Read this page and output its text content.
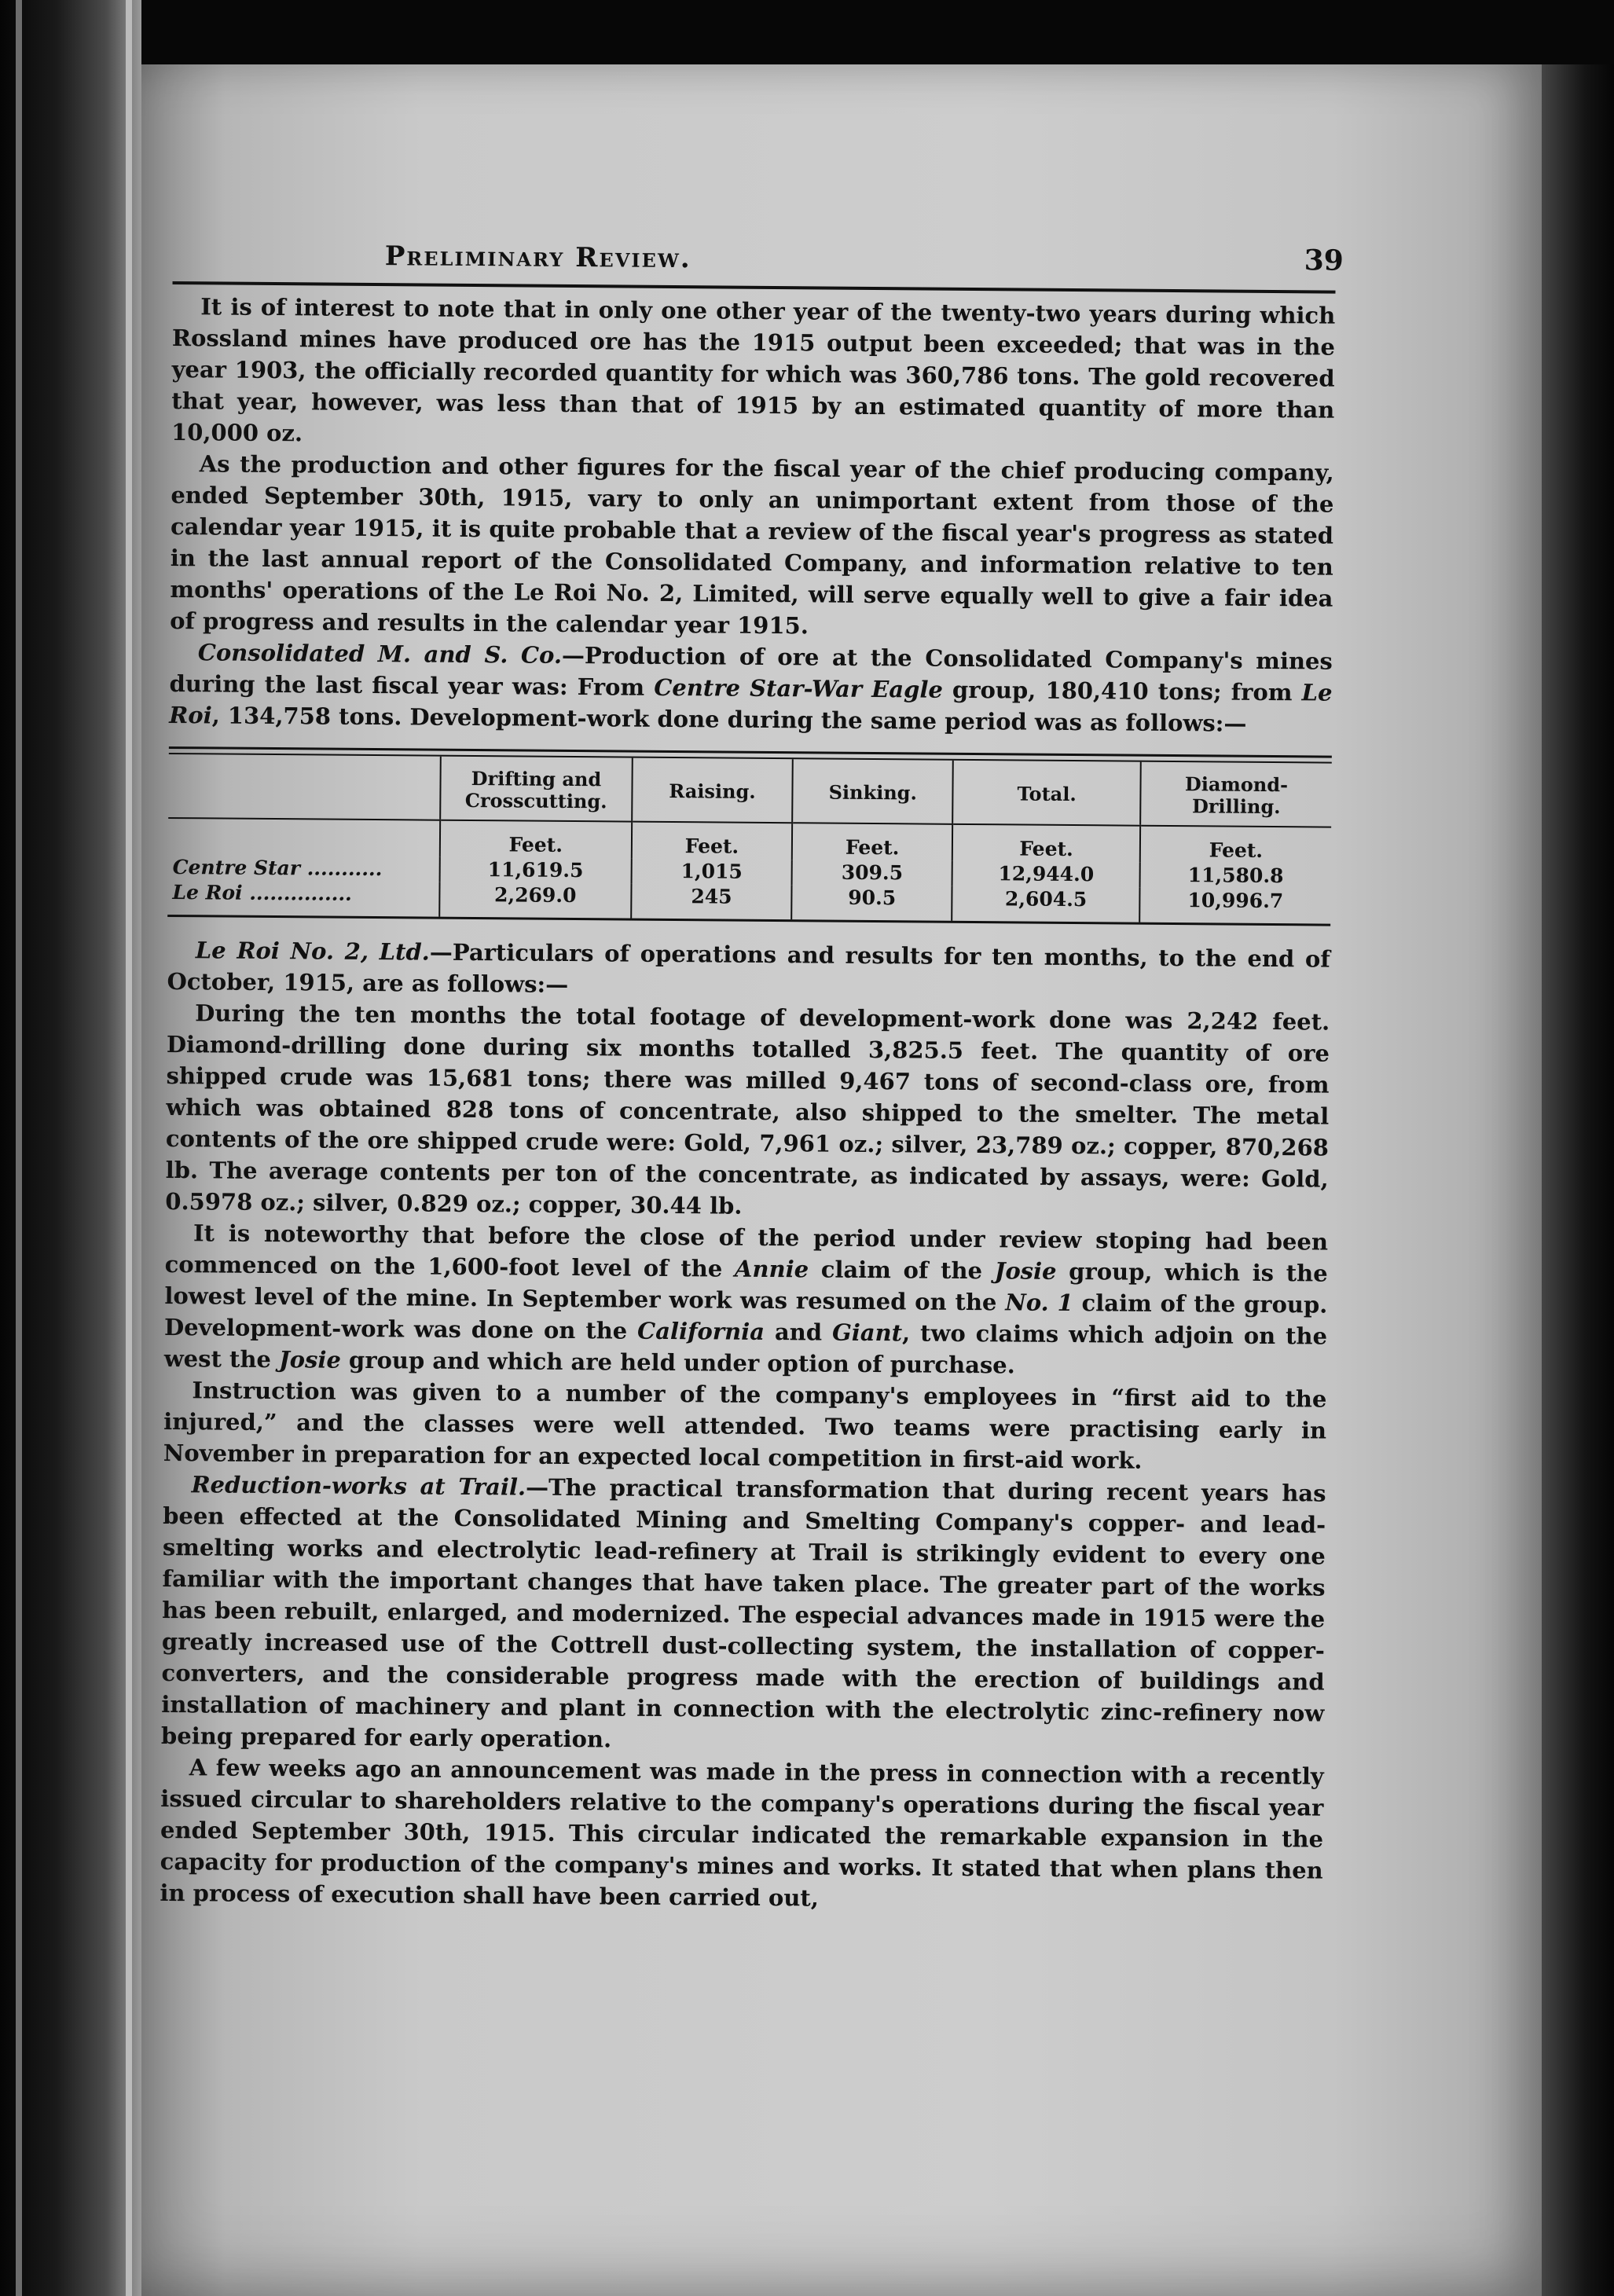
Preliminary Review.	39

It is of interest to note that in only one other year of the twenty-two years during which Rossland mines have produced ore has the 1915 output been exceeded; that was in the year 1903, the officially recorded quantity for which was 360,786 tons. The gold recovered that year, however, was less than that of 1915 by an estimated quantity of more than 10,000 oz.

As the production and other figures for the fiscal year of the chief producing company, ended September 30th, 1915, vary to only an unimportant extent from those of the calendar year 1915, it is quite probable that a review of the fiscal year's progress as stated in the last annual report of the Consolidated Company, and information relative to ten months' operations of the Le Roi No. 2, Limited, will serve equally well to give a fair idea of progress and results in the calendar year 1915.

Consolidated M. and S. Co.—Production of ore at the Consolidated Company's mines during the last fiscal year was: From Centre Star-War Eagle group, 180,410 tons; from Le Roi, 134,758 tons. Development-work done during the same period was as follows:—

	Drifting and Crosscutting.	Raising.	Sinking.	Total.	Diamond-Drilling.
	Feet.	Feet.	Feet.	Feet.	Feet.
Centre Star ...........	11,619.5	1,015	309.5	12,944.0	11,580.8
Le Roi ...............	2,269.0	245	90.5	2,604.5	10,996.7

Le Roi No. 2, Ltd.—Particulars of operations and results for ten months, to the end of October, 1915, are as follows:—

During the ten months the total footage of development-work done was 2,242 feet. Diamond-drilling done during six months totalled 3,825.5 feet. The quantity of ore shipped crude was 15,681 tons; there was milled 9,467 tons of second-class ore, from which was obtained 828 tons of concentrate, also shipped to the smelter. The metal contents of the ore shipped crude were: Gold, 7,961 oz.; silver, 23,789 oz.; copper, 870,268 lb. The average contents per ton of the concentrate, as indicated by assays, were: Gold, 0.5978 oz.; silver, 0.829 oz.; copper, 30.44 lb.

It is noteworthy that before the close of the period under review stoping had been commenced on the 1,600-foot level of the Annie claim of the Josie group, which is the lowest level of the mine. In September work was resumed on the No. 1 claim of the group. Development-work was done on the California and Giant, two claims which adjoin on the west the Josie group and which are held under option of purchase.

Instruction was given to a number of the company's employees in “first aid to the injured,” and the classes were well attended. Two teams were practising early in November in preparation for an expected local competition in first-aid work.

Reduction-works at Trail.—The practical transformation that during recent years has been effected at the Consolidated Mining and Smelting Company's copper- and lead-smelting works and electrolytic lead-refinery at Trail is strikingly evident to every one familiar with the important changes that have taken place. The greater part of the works has been rebuilt, enlarged, and modernized. The especial advances made in 1915 were the greatly increased use of the Cottrell dust-collecting system, the installation of copper-converters, and the considerable progress made with the erection of buildings and installation of machinery and plant in connection with the electrolytic zinc-refinery now being prepared for early operation.

A few weeks ago an announcement was made in the press in connection with a recently issued circular to shareholders relative to the company's operations during the fiscal year ended September 30th, 1915. This circular indicated the remarkable expansion in the capacity for production of the company's mines and works. It stated that when plans then in process of execution shall have been carried out,
